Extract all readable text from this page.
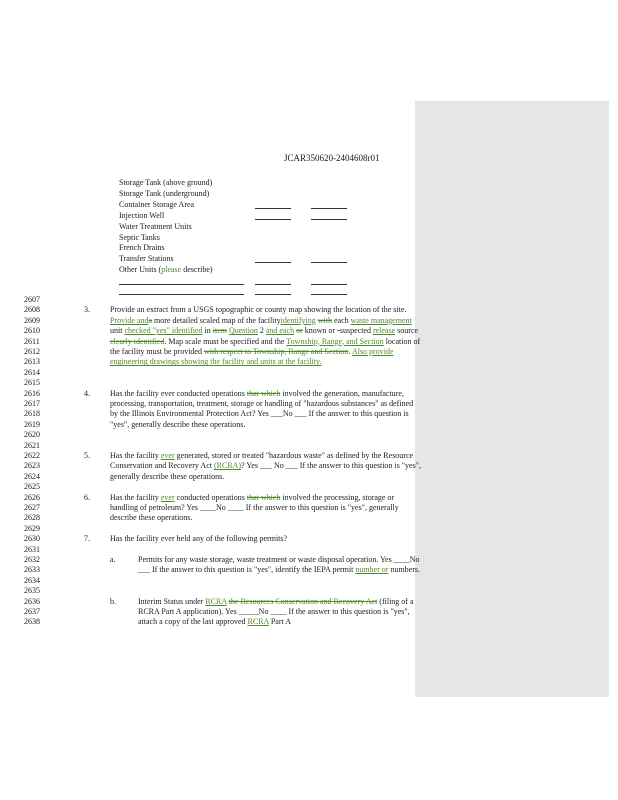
JCAR350620-2404608r01
Storage Tank (above ground)
Storage Tank (underground)
Container Storage Area
Injection Well
Water Treatment Units
Septic Tanks
French Drains
Transfer Stations
Other Units (please describe)
2607
2608
2609
2610
2611
2612
2613
2614
2615
2616
2617
2618
2619
2620
2621
2622
2623
2624
2625
2626
2627
2628
2629
2630
2631
2632
2633
2634
2635
2636
2637
2638
3.	Provide an extract from a USGS topographic or county map showing the location of the site. Provide anda more detailed scaled map of the facilityidentifying with each waste management unit checked "yes" identified in item Question 2 and each or known or -suspected release source clearly identified. Map scale must be specified and the Township, Range, and Section location of the facility must be provided with respect to Township, Range and Section. Also provide engineering drawings showing the facility and units at the facility.
4.	Has the facility ever conducted operations that which involved the generation, manufacture, processing, transportation, treatment, storage or handling of "hazardous substances" as defined by the Illinois Environmental Protection Act? Yes ___No ___ If the answer to this question is "yes", generally describe these operations.
5.	Has the facility ever generated, stored or treated "hazardous waste" as defined by the Resource Conservation and Recovery Act (RCRA)? Yes ___ No ___ If the answer to this question is "yes", generally describe these operations.
6.	Has the facility ever conducted operations that which involved the processing, storage or handling of petroleum? Yes ____No ____ If the answer to this question is "yes", generally describe these operations.
7.	Has the facility ever held any of the following permits?
a.	Permits for any waste storage, waste treatment or waste disposal operation. Yes ____No ___ If the answer to this question is "yes", identify the IEPA permit number or numbers.
b.	Interim Status under RCRA the Resources Conservation and Recovery Act (filing of a RCRA Part A application). Yes _____No ____ If the answer to this question is "yes", attach a copy of the last approved RCRA Part A
